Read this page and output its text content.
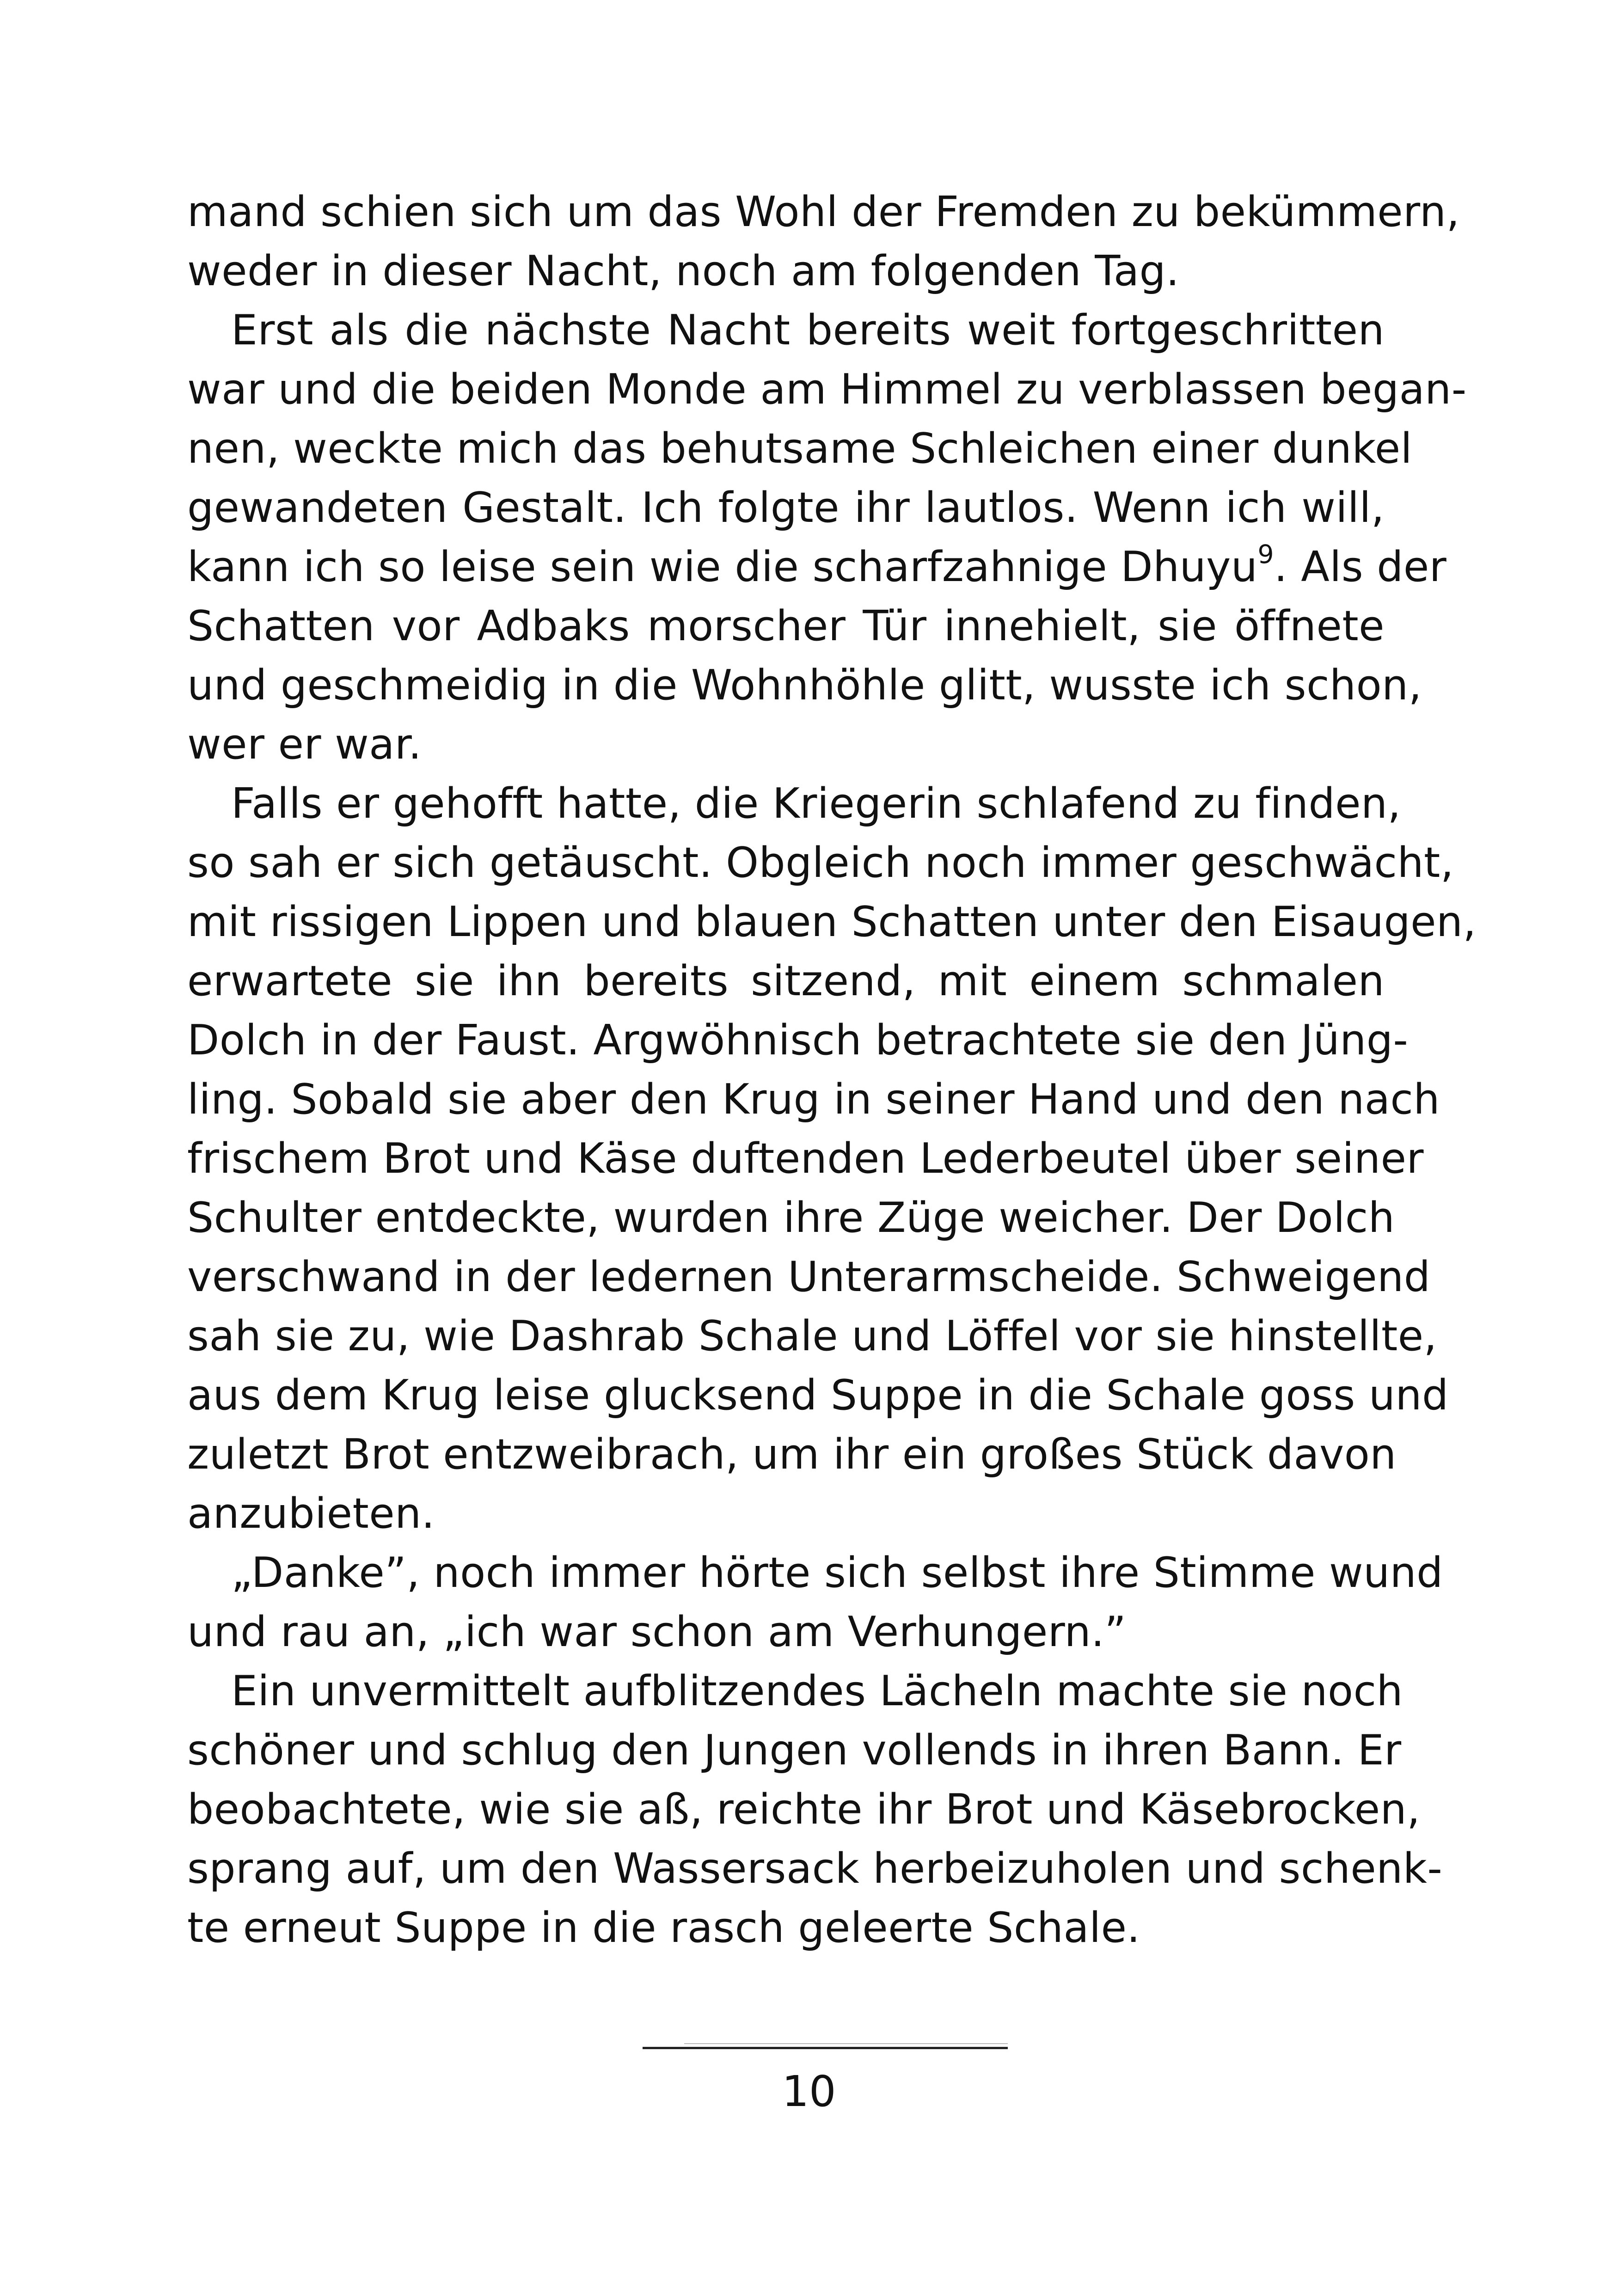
mand schien sich um das Wohl der Fremden zu bekümmern,
weder in dieser Nacht, noch am folgenden Tag.
Erst als die nächste Nacht bereits weit fortgeschritten
war und die beiden Monde am Himmel zu verblassen began-
nen, weckte mich das behutsame Schleichen einer dunkel
gewandeten Gestalt. Ich folgte ihr lautlos. Wenn ich will,
kann ich so leise sein wie die scharfzahnige Dhuyu$^9$. Als der
Schatten vor Adbaks morscher Tür innehielt, sie öffnete
und geschmeidig in die Wohnhöhle glitt, wusste ich schon,
wer er war.
Falls er gehofft hatte, die Kriegerin schlafend zu finden,
so sah er sich getäuscht. Obgleich noch immer geschwächt,
mit rissigen Lippen und blauen Schatten unter den Eisaugen,
erwartete sie ihn bereits sitzend, mit einem schmalen
Dolch in der Faust. Argwöhnisch betrachtete sie den Jüng-
ling. Sobald sie aber den Krug in seiner Hand und den nach
frischem Brot und Käse duftenden Lederbeutel über seiner
Schulter entdeckte, wurden ihre Züge weicher. Der Dolch
verschwand in der ledernen Unterarmscheide. Schweigend
sah sie zu, wie Dashrab Schale und Löffel vor sie hinstellte,
aus dem Krug leise glucksend Suppe in die Schale goss und
zuletzt Brot entzweibrach, um ihr ein großes Stück davon
anzubieten.
„Danke”, noch immer hörte sich selbst ihre Stimme wund
und rau an, „ich war schon am Verhungern.”
Ein unvermittelt aufblitzendes Lächeln machte sie noch
schöner und schlug den Jungen vollends in ihren Bann. Er
beobachtete, wie sie aß, reichte ihr Brot und Käsebrocken,
sprang auf, um den Wassersack herbeizuholen und schenk-
te erneut Suppe in die rasch geleerte Schale.
10
